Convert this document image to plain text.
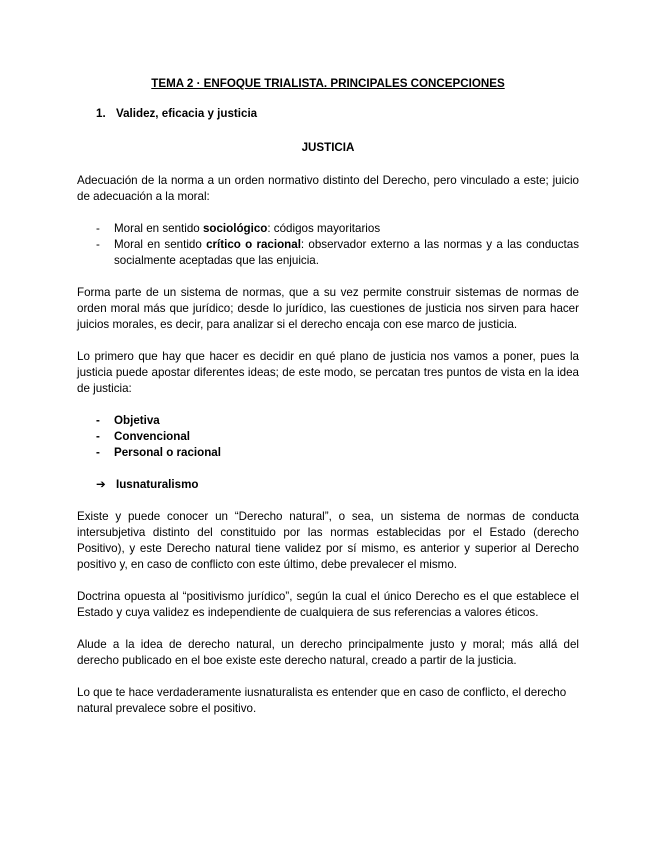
TEMA 2 · ENFOQUE TRIALISTA. PRINCIPALES CONCEPCIONES
1. Validez, eficacia y justicia
JUSTICIA

Adecuación de la norma a un orden normativo distinto del Derecho, pero vinculado a este; juicio de adecuación a la moral:

- Moral en sentido sociológico: códigos mayoritarios
- Moral en sentido crítico o racional: observador externo a las normas y a las conductas socialmente aceptadas que las enjuicia.

Forma parte de un sistema de normas, que a su vez permite construir sistemas de normas de orden moral más que jurídico; desde lo jurídico, las cuestiones de justicia nos sirven para hacer juicios morales, es decir, para analizar si el derecho encaja con ese marco de justicia.

Lo primero que hay que hacer es decidir en qué plano de justicia nos vamos a poner, pues la justicia puede apostar diferentes ideas; de este modo, se percatan tres puntos de vista en la idea de justicia:

- Objetiva
- Convencional
- Personal o racional
➔ Iusnaturalismo

Existe y puede conocer un “Derecho natural”, o sea, un sistema de normas de conducta intersubjetiva distinto del constituido por las normas establecidas por el Estado (derecho Positivo), y este Derecho natural tiene validez por sí mismo, es anterior y superior al Derecho positivo y, en caso de conflicto con este último, debe prevalecer el mismo.

Doctrina opuesta al “positivismo jurídico”, según la cual el único Derecho es el que establece el Estado y cuya validez es independiente de cualquiera de sus referencias a valores éticos.

Alude a la idea de derecho natural, un derecho principalmente justo y moral; más allá del derecho publicado en el boe existe este derecho natural, creado a partir de la justicia.

Lo que te hace verdaderamente iusnaturalista es entender que en caso de conflicto, el derecho natural prevalece sobre el positivo.
